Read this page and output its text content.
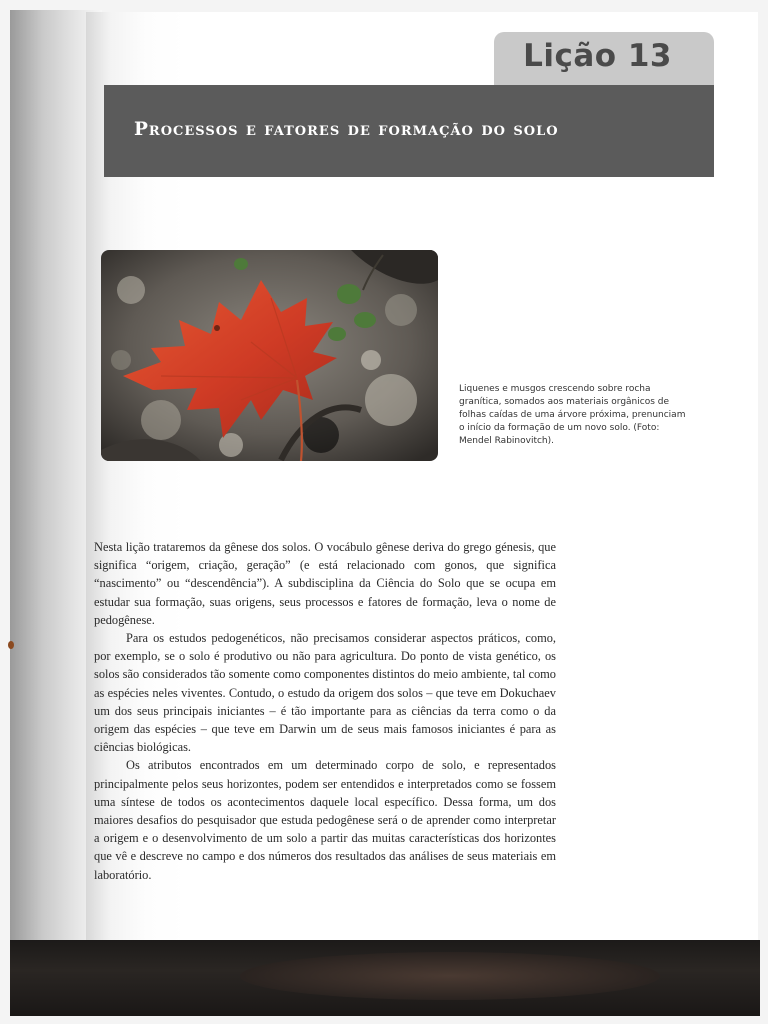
Lição 13
Processos e fatores de formação do solo
Liquenes e musgos crescendo sobre rocha granítica, somados aos materiais orgânicos de folhas caídas de uma árvore próxima, prenunciam o início da formação de um novo solo. (Foto: Mendel Rabinovitch).

Nesta lição trataremos da gênese dos solos. O vocábulo gênese deriva do grego génesis, que significa “origem, criação, geração” (e está relacionado com gonos, que significa “nascimento” ou “descendência”). A subdisciplina da Ciência do Solo que se ocupa em estudar sua formação, suas origens, seus processos e fatores de formação, leva o nome de pedogênese.

Para os estudos pedogenéticos, não precisamos considerar aspectos práticos, como, por exemplo, se o solo é produtivo ou não para agricultura. Do ponto de vista genético, os solos são considerados tão somente como componentes distintos do meio ambiente, tal como as espécies neles viventes. Contudo, o estudo da origem dos solos – que teve em Dokuchaev um dos seus principais iniciantes – é tão importante para as ciências da terra como o da origem das espécies – que teve em Darwin um de seus mais famosos iniciantes é para as ciências biológicas.

Os atributos encontrados em um determinado corpo de solo, e representados principalmente pelos seus horizontes, podem ser entendidos e interpretados como se fossem uma síntese de todos os acontecimentos daquele local específico. Dessa forma, um dos maiores desafios do pesquisador que estuda pedogênese será o de aprender como interpretar a origem e o desenvolvimento de um solo a partir das muitas características dos horizontes que vê e descreve no campo e dos números dos resultados das análises de seus materiais em laboratório.
